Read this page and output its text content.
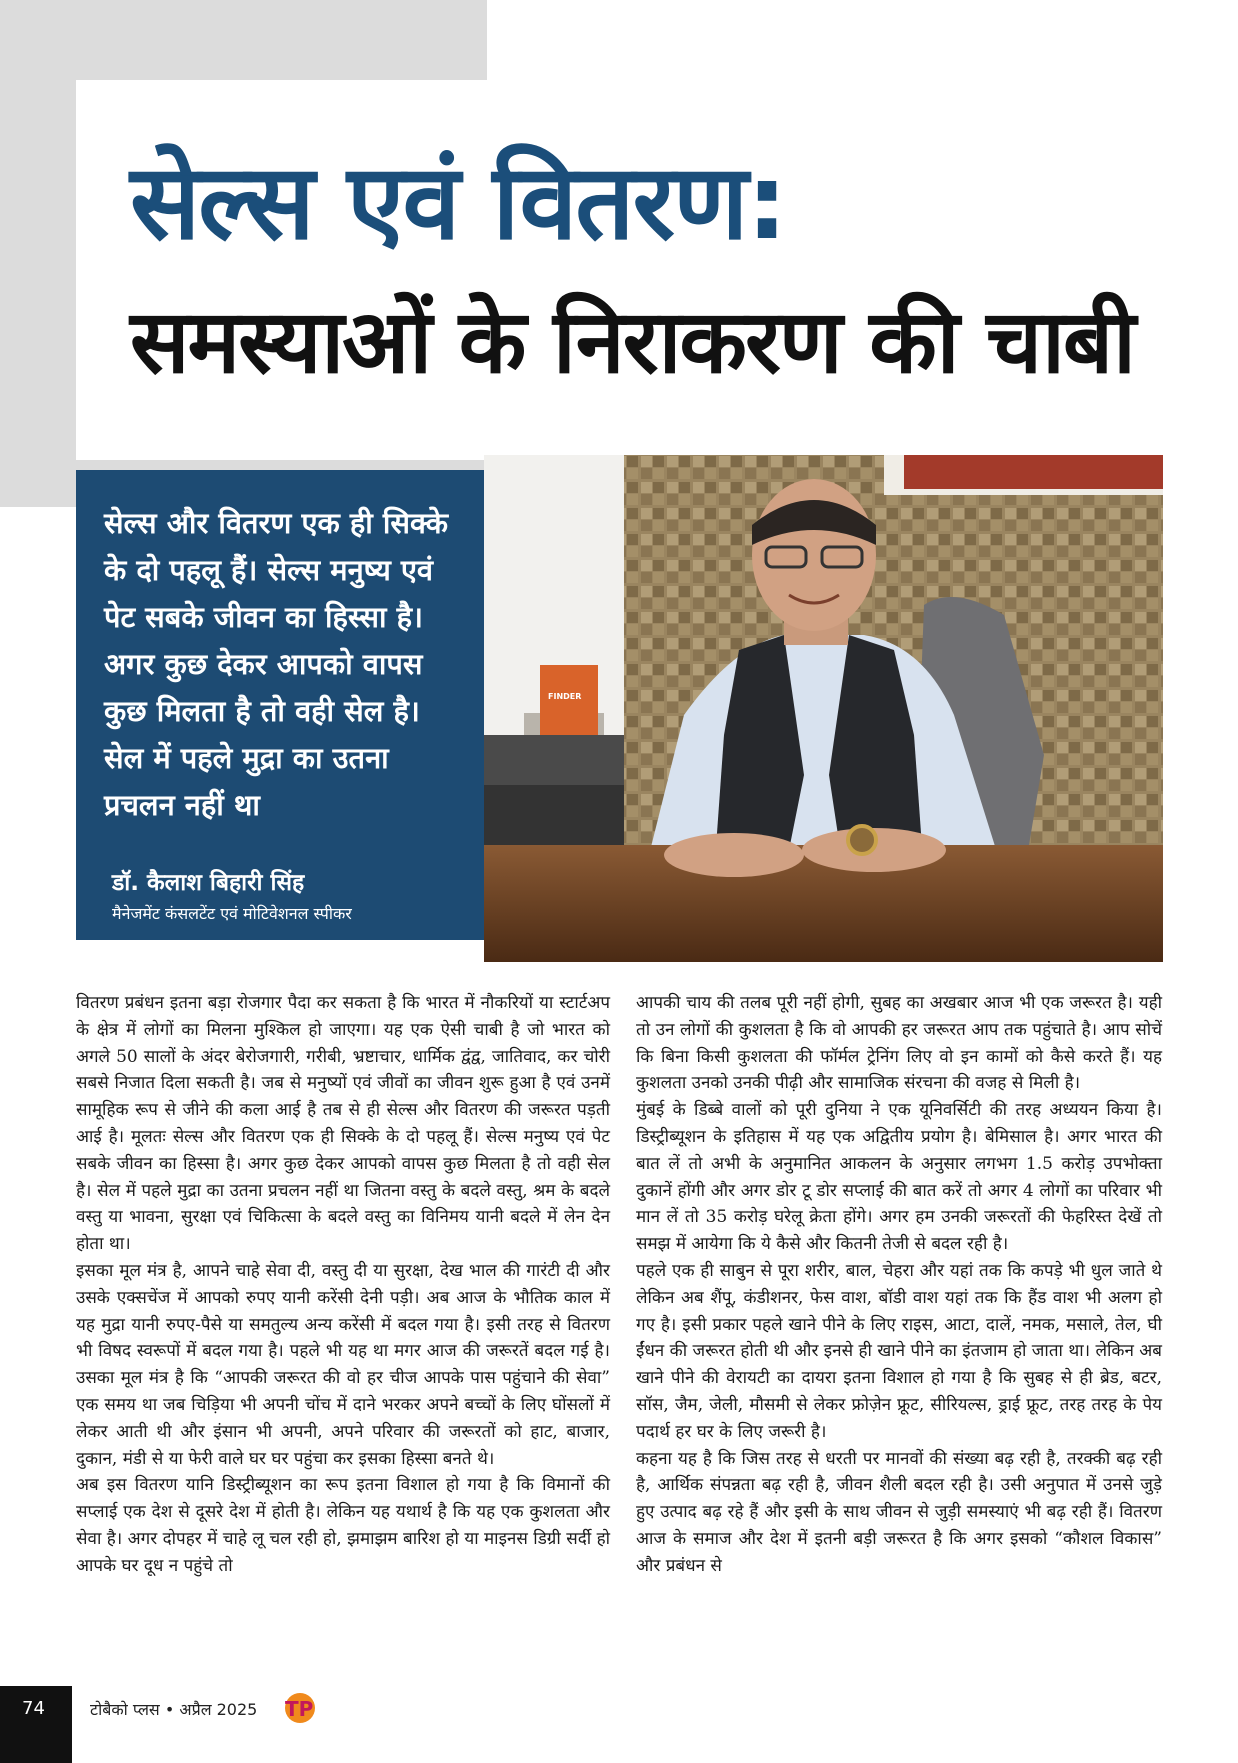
सेल्स एवं वितरण:
समस्याओं के निराकरण की चाबी

सेल्स और वितरण एक ही सिक्के के दो पहलू हैं। सेल्स मनुष्य एवं पेट सबके जीवन का हिस्सा है। अगर कुछ देकर आपको वापस कुछ मिलता है तो वही सेल है। सेल में पहले मुद्रा का उतना प्रचलन नहीं था

डॉ. कैलाश बिहारी सिंह

मैनेजमेंट कंसलटेंट एवं मोटिवेशनल स्पीकर

FINDER

वितरण प्रबंधन इतना बड़ा रोजगार पैदा कर सकता है कि भारत में नौकरियों या स्टार्टअप के क्षेत्र में लोगों का मिलना मुश्किल हो जाएगा। यह एक ऐसी चाबी है जो भारत को अगले 50 सालों के अंदर बेरोजगारी, गरीबी, भ्रष्टाचार, धार्मिक द्वंद्व, जातिवाद, कर चोरी सबसे निजात दिला सकती है। जब से मनुष्यों एवं जीवों का जीवन शुरू हुआ है एवं उनमें सामूहिक रूप से जीने की कला आई है तब से ही सेल्स और वितरण की जरूरत पड़ती आई है। मूलतः सेल्स और वितरण एक ही सिक्के के दो पहलू हैं। सेल्स मनुष्य एवं पेट सबके जीवन का हिस्सा है। अगर कुछ देकर आपको वापस कुछ मिलता है तो वही सेल है। सेल में पहले मुद्रा का उतना प्रचलन नहीं था जितना वस्तु के बदले वस्तु, श्रम के बदले वस्तु या भावना, सुरक्षा एवं चिकित्सा के बदले वस्तु का विनिमय यानी बदले में लेन देन होता था।

इसका मूल मंत्र है, आपने चाहे सेवा दी, वस्तु दी या सुरक्षा, देख भाल की गारंटी दी और उसके एक्सचेंज में आपको रुपए यानी करेंसी देनी पड़ी। अब आज के भौतिक काल में यह मुद्रा यानी रुपए-पैसे या समतुल्य अन्य करेंसी में बदल गया है। इसी तरह से वितरण भी विषद स्वरूपों में बदल गया है। पहले भी यह था मगर आज की जरूरतें बदल गई है। उसका मूल मंत्र है कि “आपकी जरूरत की वो हर चीज आपके पास पहुंचाने की सेवा” एक समय था जब चिड़िया भी अपनी चोंच में दाने भरकर अपने बच्चों के लिए घोंसलों में लेकर आती थी और इंसान भी अपनी, अपने परिवार की जरूरतों को हाट, बाजार, दुकान, मंडी से या फेरी वाले घर घर पहुंचा कर इसका हिस्सा बनते थे।

अब इस वितरण यानि डिस्ट्रीब्यूशन का रूप इतना विशाल हो गया है कि विमानों की सप्लाई एक देश से दूसरे देश में होती है। लेकिन यह यथार्थ है कि यह एक कुशलता और सेवा है। अगर दोपहर में चाहे लू चल रही हो, झमाझम बारिश हो या माइनस डिग्री सर्दी हो आपके घर दूध न पहुंचे तो

आपकी चाय की तलब पूरी नहीं होगी, सुबह का अखबार आज भी एक जरूरत है। यही तो उन लोगों की कुशलता है कि वो आपकी हर जरूरत आप तक पहुंचाते है। आप सोचें कि बिना किसी कुशलता की फॉर्मल ट्रेनिंग लिए वो इन कामों को कैसे करते हैं। यह कुशलता उनको उनकी पीढ़ी और सामाजिक संरचना की वजह से मिली है।

मुंबई के डिब्बे वालों को पूरी दुनिया ने एक यूनिवर्सिटी की तरह अध्ययन किया है। डिस्ट्रीब्यूशन के इतिहास में यह एक अद्वितीय प्रयोग है। बेमिसाल है। अगर भारत की बात लें तो अभी के अनुमानित आकलन के अनुसार लगभग 1.5 करोड़ उपभोक्ता दुकानें होंगी और अगर डोर टू डोर सप्लाई की बात करें तो अगर 4 लोगों का परिवार भी मान लें तो 35 करोड़ घरेलू क्रेता होंगे। अगर हम उनकी जरूरतों की फेहरिस्त देखें तो समझ में आयेगा कि ये कैसे और कितनी तेजी से बदल रही है।

पहले एक ही साबुन से पूरा शरीर, बाल, चेहरा और यहां तक कि कपड़े भी धुल जाते थे लेकिन अब शैंपू, कंडीशनर, फेस वाश, बॉडी वाश यहां तक कि हैंड वाश भी अलग हो गए है। इसी प्रकार पहले खाने पीने के लिए राइस, आटा, दालें, नमक, मसाले, तेल, घी ईंधन की जरूरत होती थी और इनसे ही खाने पीने का इंतजाम हो जाता था। लेकिन अब खाने पीने की वेरायटी का दायरा इतना विशाल हो गया है कि सुबह से ही ब्रेड, बटर, सॉस, जैम, जेली, मौसमी से लेकर फ्रोज़ेन फ्रूट, सीरियल्स, ड्राई फ्रूट, तरह तरह के पेय पदार्थ हर घर के लिए जरूरी है।

कहना यह है कि जिस तरह से धरती पर मानवों की संख्या बढ़ रही है, तरक्की बढ़ रही है, आर्थिक संपन्नता बढ़ रही है, जीवन शैली बदल रही है। उसी अनुपात में उनसे जुड़े हुए उत्पाद बढ़ रहे हैं और इसी के साथ जीवन से जुड़ी समस्याएं भी बढ़ रही हैं। वितरण आज के समाज और देश में इतनी बड़ी जरूरत है कि अगर इसको “कौशल विकास” और प्रबंधन से

74	टोबैको प्लस • अप्रैल 2025 TP
